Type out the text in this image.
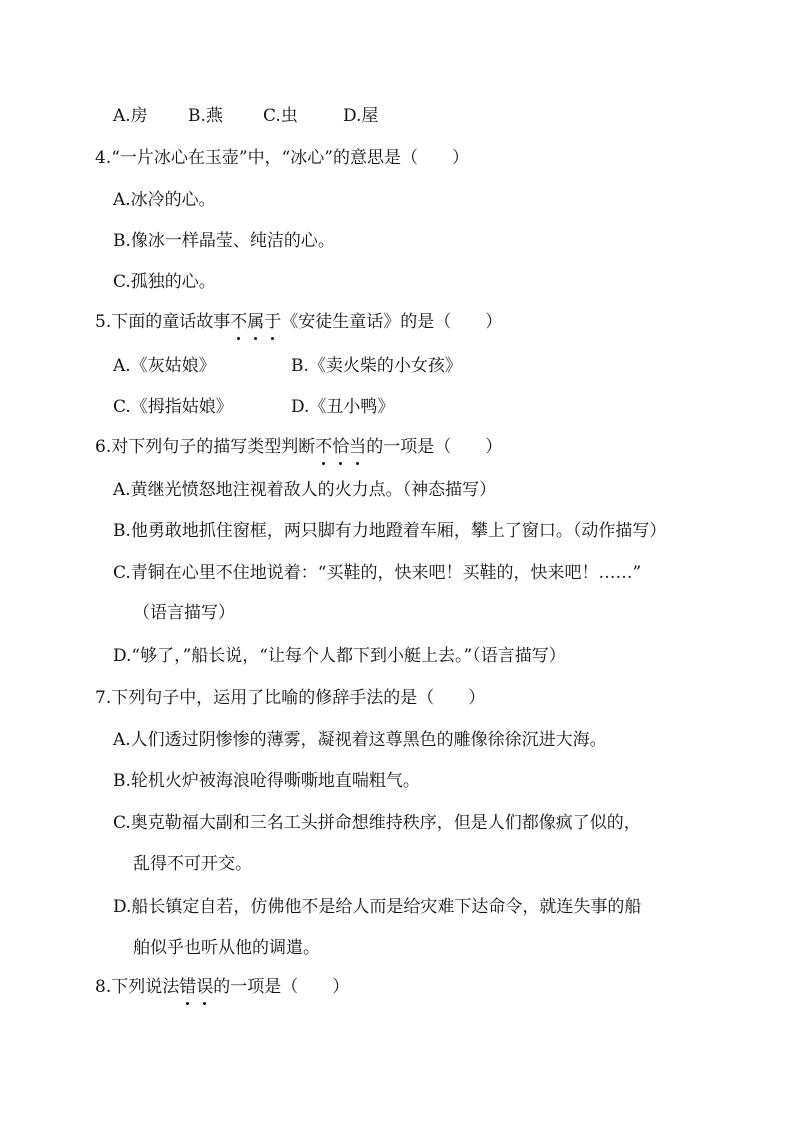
A.房 B.燕 C.虫	D.屋
4.“一片冰心在玉壶”中，“冰心”的意思是（　　）
A.冰冷的心。
B.像冰一样晶莹、纯洁的心。
C.孤独的心。
5.下面的童话故事不属于《安徒生童话》的是（　　）
A.《灰姑娘》	B.《卖火柴的小女孩》
C.《拇指姑娘》	D.《丑小鸭》
6.对下列句子的描写类型判断不恰当的一项是（　　）
A.黄继光愤怒地注视着敌人的火力点。（神态描写）
B.他勇敢地抓住窗框，两只脚有力地蹬着车厢，攀上了窗口。（动作描写）
C.青铜在心里不住地说着：“买鞋的，快来吧！买鞋的，快来吧！……”
（语言描写）
D.“够了，”船长说，“让每个人都下到小艇上去。”（语言描写）
7.下列句子中，运用了比喻的修辞手法的是（　　）
A.人们透过阴惨惨的薄雾，凝视着这尊黑色的雕像徐徐沉进大海。
B.轮机火炉被海浪呛得嘶嘶地直喘粗气。
C.奥克勒福大副和三名工头拼命想维持秩序，但是人们都像疯了似的，
乱得不可开交。
D.船长镇定自若，仿佛他不是给人而是给灾难下达命令，就连失事的船
舶似乎也听从他的调遣。
8.下列说法错误的一项是（　　）
